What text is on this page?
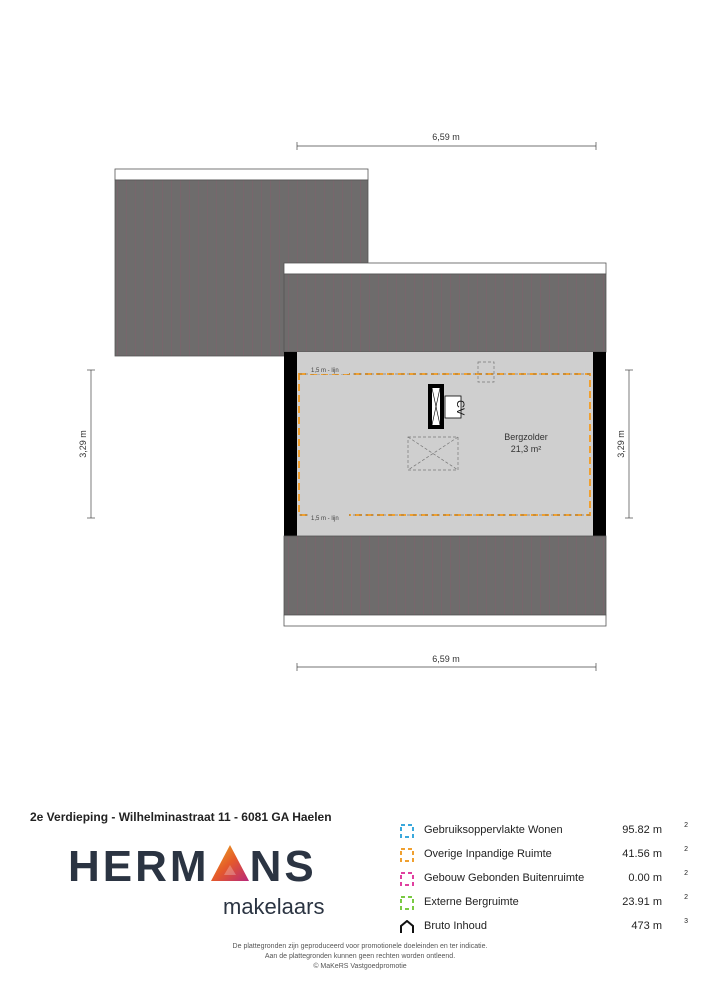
1,5 m - lijn
1,5 m - lijn
CV
Bergzolder
21,3 m²
6,59 m
6,59 m
3,29 m	3,29 m
2e Verdieping - Wilhelminastraat 11 - 6081 GA Haelen
HERM NS
makelaars
Gebruiksoppervlakte Wonen	95.82 m	$^2$
Overige Inpandige Ruimte	41.56 m	$^2$
Gebouw Gebonden Buitenruimte	0.00 m	$^2$
Externe Bergruimte	23.91 m	$^2$
Bruto Inhoud	473 m	$^3$
De plattegronden zijn geproduceerd voor promotionele doeleinden en ter indicatie.
Aan de plattegronden kunnen geen rechten worden ontleend.
© MaKeRS Vastgoedpromotie
